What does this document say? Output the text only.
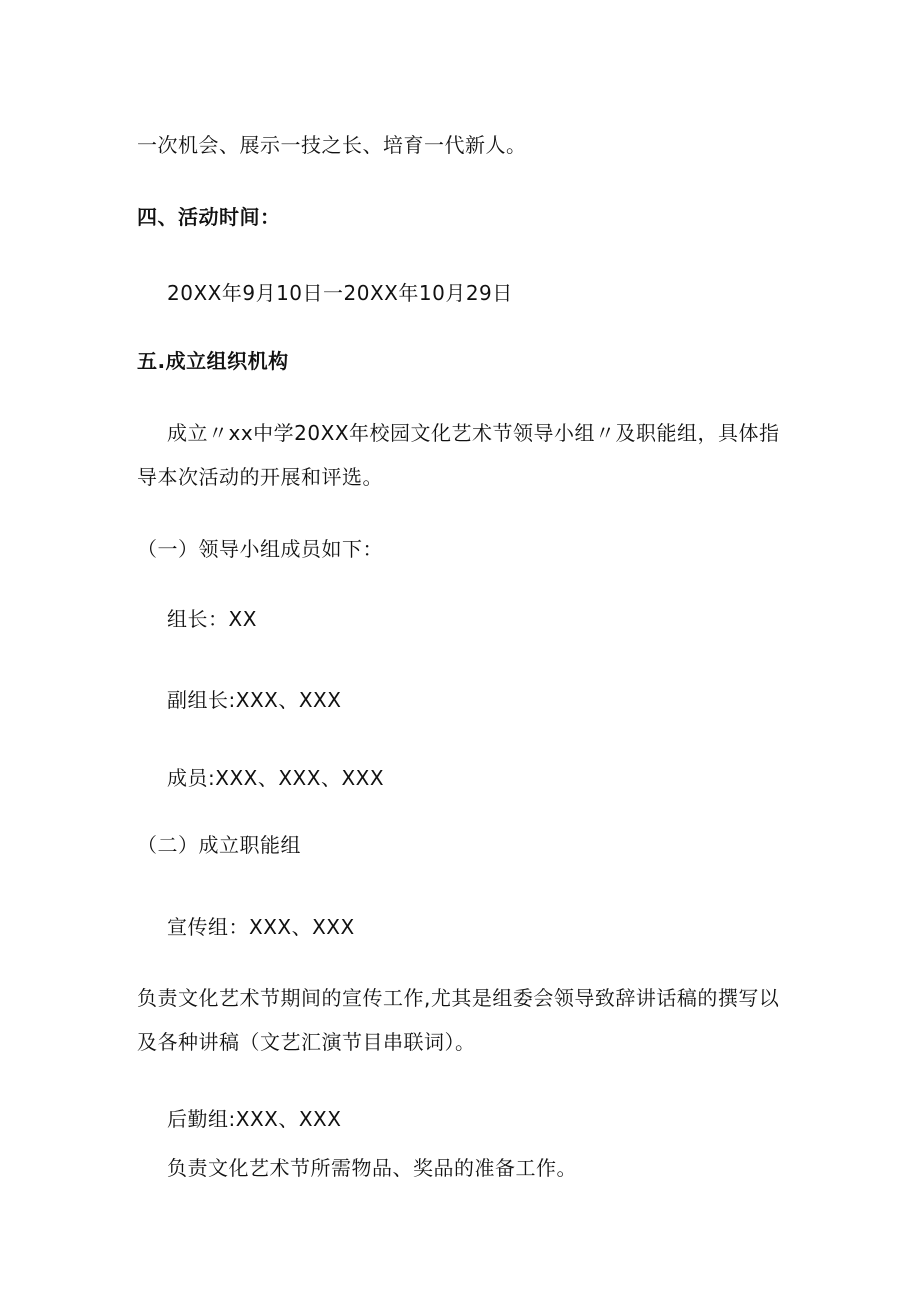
一次机会、展示一技之长、培育一代新人。
四、活动时间：
20XX年9月10日一20XX年10月29日
五.成立组织机构
成立〃xx中学20XX年校园文化艺术节领导小组〃及职能组，具体指
导本次活动的开展和评选。
（一）领导小组成员如下：
组长：XX
副组长:XXX、XXX
成员:XXX、XXX、XXX
（二）成立职能组
宣传组：XXX、XXX
负责文化艺术节期间的宣传工作,尤其是组委会领导致辞讲话稿的撰写以
及各种讲稿（文艺汇演节目串联词）。
后勤组:XXX、XXX
负责文化艺术节所需物品、奖品的准备工作。
